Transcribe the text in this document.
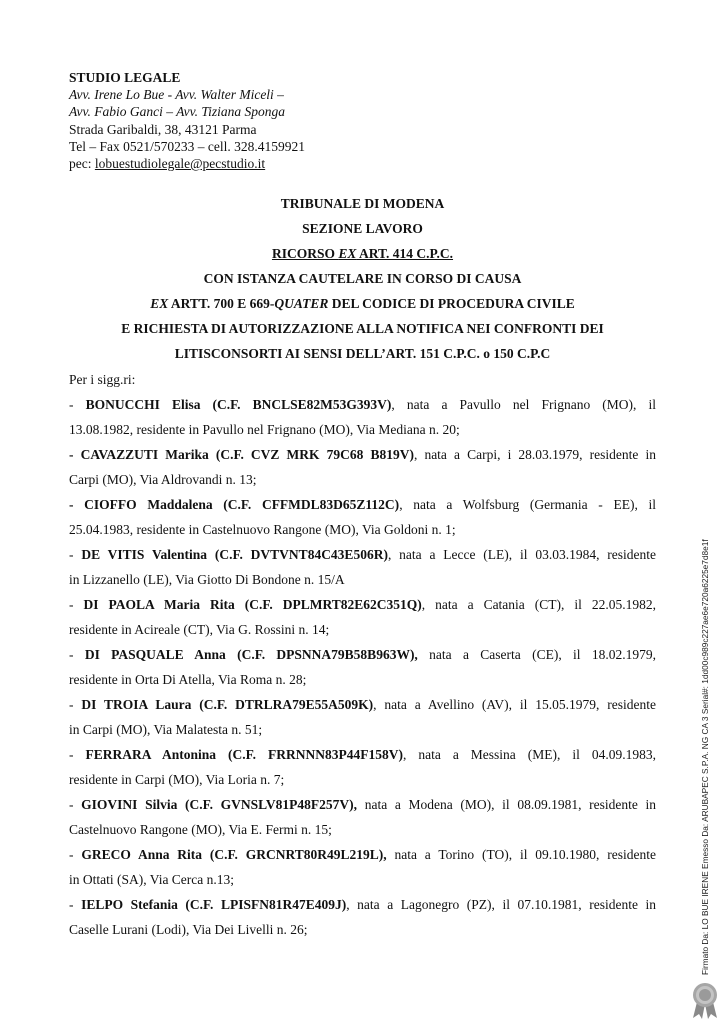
STUDIO LEGALE
Avv. Irene Lo Bue - Avv. Walter Miceli –
Avv. Fabio Ganci – Avv. Tiziana Sponga
Strada Garibaldi, 38, 43121 Parma
Tel – Fax 0521/570233 – cell. 328.4159921
pec: lobuestudiolegale@pecstudio.it
TRIBUNALE DI MODENA
SEZIONE LAVORO
RICORSO EX ART. 414 C.P.C.
CON ISTANZA CAUTELARE IN CORSO DI CAUSA
EX ARTT. 700 E 669-QUATER DEL CODICE DI PROCEDURA CIVILE
E RICHIESTA DI AUTORIZZAZIONE ALLA NOTIFICA NEI CONFRONTI DEI
LITISCONSORTI AI SENSI DELL’ART. 151 C.P.C. o 150 C.P.C
Per i sigg.ri:
- BONUCCHI Elisa (C.F. BNCLSE82M53G393V), nata a Pavullo nel Frignano (MO), il
13.08.1982, residente in Pavullo nel Frignano (MO), Via Mediana n. 20;
- CAVAZZUTI Marika (C.F. CVZ MRK 79C68 B819V), nata a Carpi, i 28.03.1979, residente in
Carpi (MO), Via Aldrovandi n. 13;
- CIOFFO Maddalena (C.F. CFFMDL83D65Z112C), nata a Wolfsburg (Germania - EE), il
25.04.1983, residente in Castelnuovo Rangone (MO), Via Goldoni n. 1;
- DE VITIS Valentina (C.F. DVTVNT84C43E506R), nata a Lecce (LE), il 03.03.1984, residente
in Lizzanello (LE), Via Giotto Di Bondone n. 15/A
- DI PAOLA Maria Rita (C.F. DPLMRT82E62C351Q), nata a Catania (CT), il 22.05.1982,
residente in Acireale (CT), Via G. Rossini n. 14;
- DI PASQUALE Anna (C.F. DPSNNA79B58B963W), nata a Caserta (CE), il 18.02.1979,
residente in Orta Di Atella, Via Roma n. 28;
- DI TROIA Laura (C.F. DTRLRA79E55A509K), nata a Avellino (AV), il 15.05.1979, residente
in Carpi (MO), Via Malatesta n. 51;
- FERRARA Antonina (C.F. FRRNNN83P44F158V), nata a Messina (ME), il 04.09.1983,
residente in Carpi (MO), Via Loria n. 7;
- GIOVINI Silvia (C.F. GVNSLV81P48F257V), nata a Modena (MO), il 08.09.1981, residente in
Castelnuovo Rangone (MO), Via E. Fermi n. 15;
- GRECO Anna Rita (C.F. GRCNRT80R49L219L), nata a Torino (TO), il 09.10.1980, residente
in Ottati (SA), Via Cerca n.13;
- IELPO Stefania (C.F. LPISFN81R47E409J), nata a Lagonegro (PZ), il 07.10.1981, residente in
Caselle Lurani (Lodi), Via Dei Livelli n. 26;	Firmato Da: LO BUE IRENE Emesso Da: ARUBAPEC S.P.A. NG CA 3 Serial#: 1dd00c989c227ae6e720a6225e7d8e1f
